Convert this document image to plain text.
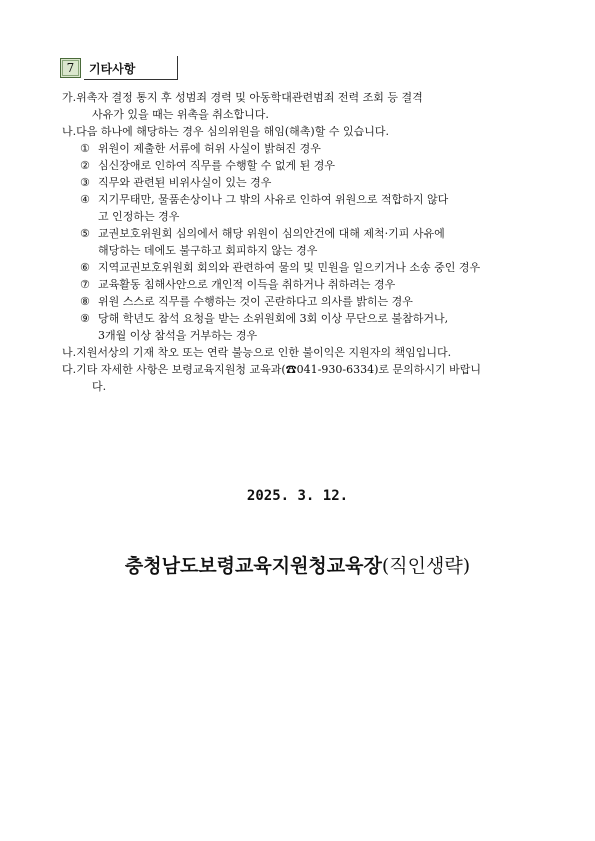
7	기타사항
가. 위촉자 결정 통지 후 성범죄 경력 및 아동학대관련범죄 전력 조회 등 결격
사유가 있을 때는 위촉을 취소합니다.
나. 다음 하나에 해당하는 경우 심의위원을 해임(해촉)할 수 있습니다.
① 위원이 제출한 서류에 허위 사실이 밝혀진 경우
② 심신장애로 인하여 직무를 수행할 수 없게 된 경우
③ 직무와 관련된 비위사실이 있는 경우
④ 지기무태만, 물품손상이나 그 밖의 사유로 인하여 위원으로 적합하지 않다
고 인정하는 경우
⑤ 교권보호위원회 심의에서 해당 위원이 심의안건에 대해 제척·기피 사유에
해당하는 데에도 불구하고 회피하지 않는 경우
⑥ 지역교권보호위원회 회의와 관련하여 물의 및 민원을 일으키거나 소송 중인 경우
⑦ 교육활동 침해사안으로 개인적 이득을 취하거나 취하려는 경우
⑧ 위원 스스로 직무를 수행하는 것이 곤란하다고 의사를 밝히는 경우
⑨ 당해 학년도 참석 요청을 받는 소위원회에 3회 이상 무단으로 불참하거나,
3개월 이상 참석을 거부하는 경우
나. 지원서상의 기재 착오 또는 연락 불능으로 인한 불이익은 지원자의 책임입니다.
다. 기타 자세한 사항은 보령교육지원청 교육과(☎041-930-6334)로 문의하시기 바랍니
다.
2025. 3. 12.
충청남도보령교육지원청교육장(직인생략)
